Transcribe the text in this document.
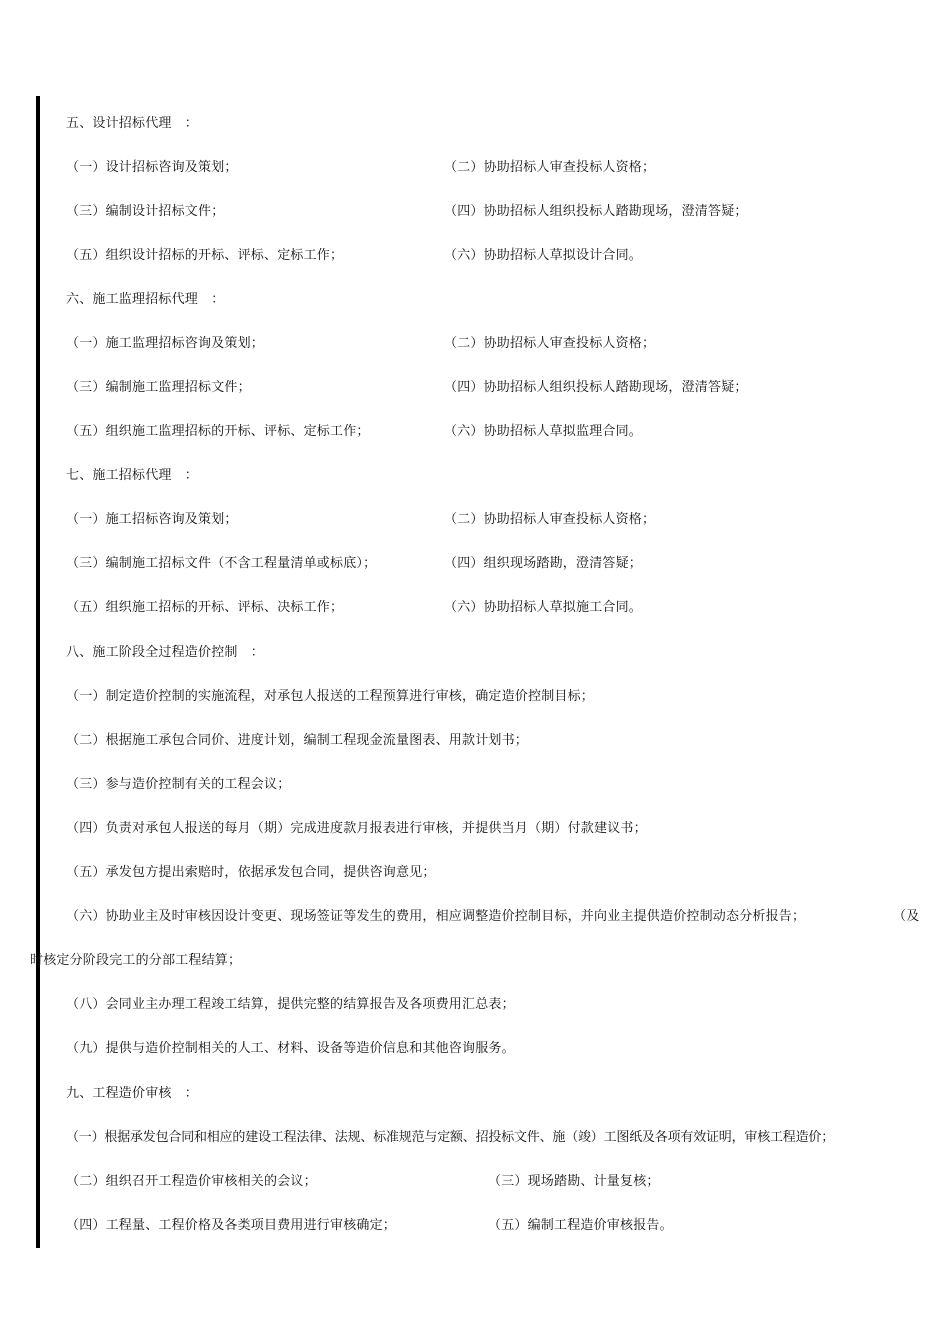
五、设计招标代理　：
（一）设计招标咨询及策划；	（二）协助招标人审查投标人资格；
（三）编制设计招标文件；	（四）协助招标人组织投标人踏勘现场，澄清答疑；
（五）组织设计招标的开标、评标、定标工作；	（六）协助招标人草拟设计合同。
六、施工监理招标代理　：
（一）施工监理招标咨询及策划；	（二）协助招标人审查投标人资格；
（三）编制施工监理招标文件；	（四）协助招标人组织投标人踏勘现场，澄清答疑；
（五）组织施工监理招标的开标、评标、定标工作；	（六）协助招标人草拟监理合同。
七、施工招标代理　：
（一）施工招标咨询及策划；	（二）协助招标人审查投标人资格；
（三）编制施工招标文件（不含工程量清单或标底）；	（四）组织现场踏勘，澄清答疑；
（五）组织施工招标的开标、评标、决标工作；	（六）协助招标人草拟施工合同。
八、施工阶段全过程造价控制　：
（一）制定造价控制的实施流程，对承包人报送的工程预算进行审核，确定造价控制目标；
（二）根据施工承包合同价、进度计划，编制工程现金流量图表、用款计划书；
（三）参与造价控制有关的工程会议；
（四）负责对承包人报送的每月（期）完成进度款月报表进行审核，并提供当月（期）付款建议书；
（五）承发包方提出索赔时，依据承发包合同，提供咨询意见；
（六）协助业主及时审核因设计变更、现场签证等发生的费用，相应调整造价控制目标，并向业主提供造价控制动态分析报告；	（及
时核定分阶段完工的分部工程结算；
（八）会同业主办理工程竣工结算，提供完整的结算报告及各项费用汇总表；
（九）提供与造价控制相关的人工、材料、设备等造价信息和其他咨询服务。
九、工程造价审核　：
（一）根据承发包合同和相应的建设工程法律、法规、标准规范与定额、招投标文件、施（竣）工图纸及各项有效证明，审核工程造价；
（二）组织召开工程造价审核相关的会议；	（三）现场踏勘、计量复核；
（四）工程量、工程价格及各类项目费用进行审核确定；	（五）编制工程造价审核报告。
